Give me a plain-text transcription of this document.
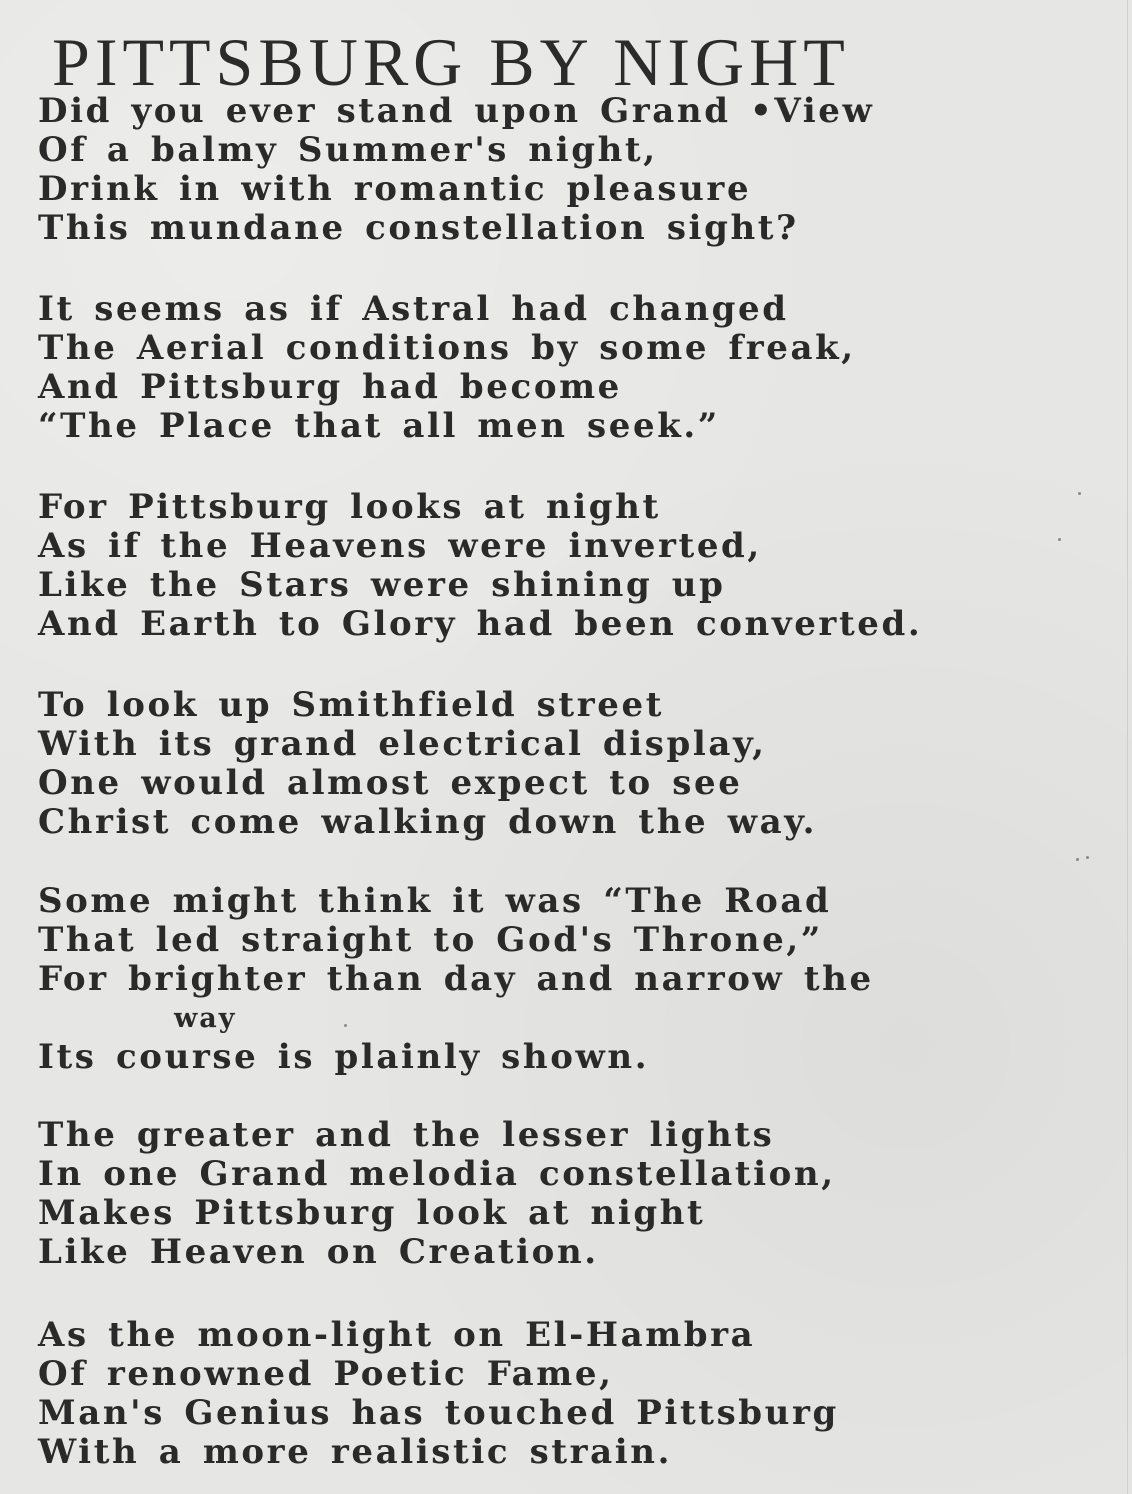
PITTSBURG BY NIGHT
Did you ever stand upon Grand •View
Of a balmy Summer's night,
Drink in with romantic pleasure
This mundane constellation sight?
It seems as if Astral had changed
The Aerial conditions by some freak,
And Pittsburg had become
“The Place that all men seek.”
For Pittsburg looks at night
As if the Heavens were inverted,
Like the Stars were shining up
And Earth to Glory had been converted.
To look up Smithfield street
With its grand electrical display,
One would almost expect to see
Christ come walking down the way.
Some might think it was “The Road
That led straight to God's Throne,”
For brighter than day and narrow the
way
Its course is plainly shown.
The greater and the lesser lights
In one Grand melodia constellation,
Makes Pittsburg look at night
Like Heaven on Creation.
As the moon-light on El-Hambra
Of renowned Poetic Fame,
Man's Genius has touched Pittsburg
With a more realistic strain.
